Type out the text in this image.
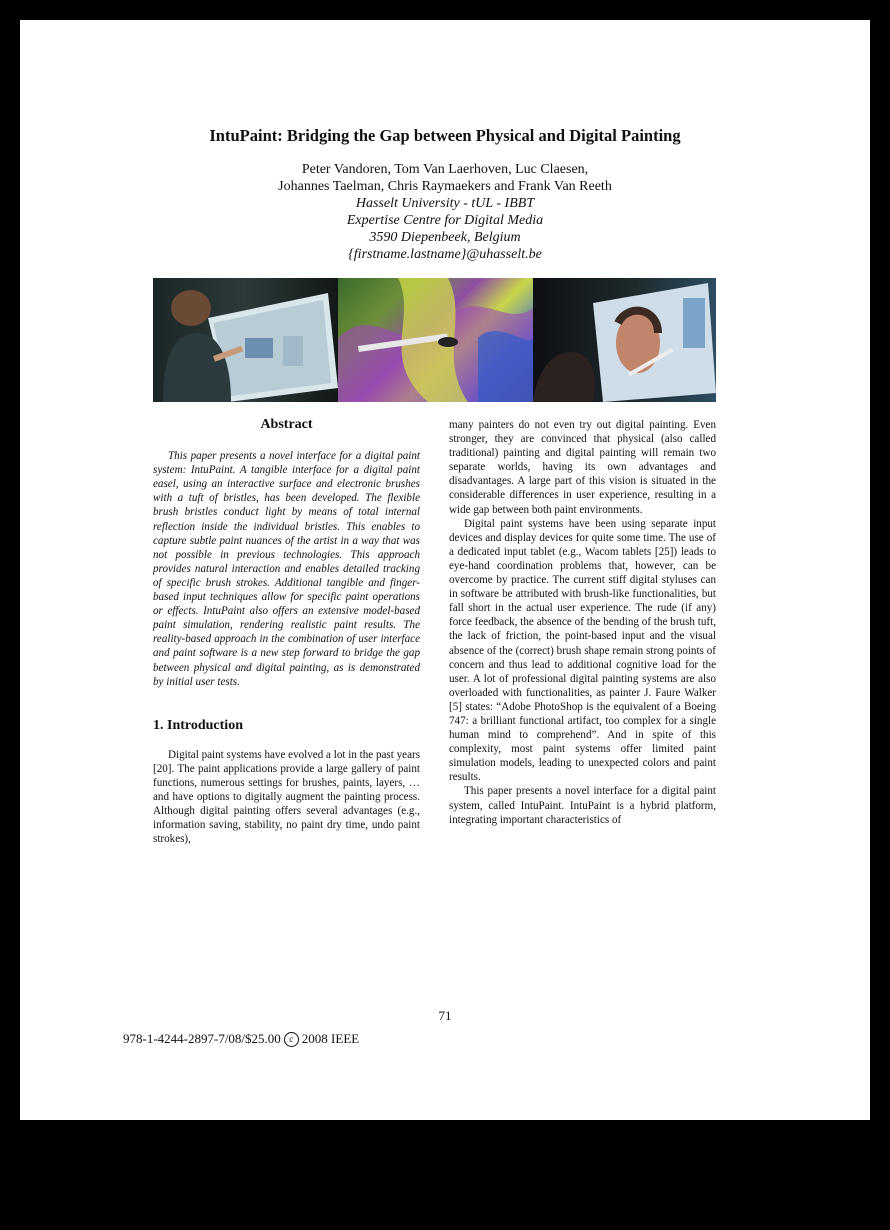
IntuPaint: Bridging the Gap between Physical and Digital Painting
Peter Vandoren, Tom Van Laerhoven, Luc Claesen,
Johannes Taelman, Chris Raymaekers and Frank Van Reeth
Hasselt University - tUL - IBBT
Expertise Centre for Digital Media
3590 Diepenbeek, Belgium
{firstname.lastname}@uhasselt.be
Abstract

This paper presents a novel interface for a digital paint system: IntuPaint. A tangible interface for a digital paint easel, using an interactive surface and electronic brushes with a tuft of bristles, has been developed. The flexible brush bristles conduct light by means of total internal reflection inside the individual bristles. This enables to capture subtle paint nuances of the artist in a way that was not possible in previous technologies. This approach provides natural interaction and enables detailed tracking of specific brush strokes. Additional tangible and finger-based input techniques allow for specific paint operations or effects. IntuPaint also offers an extensive model-based paint simulation, rendering realistic paint results. The reality-based approach in the combination of user interface and paint software is a new step forward to bridge the gap between physical and digital painting, as is demonstrated by initial user tests.

1. Introduction

Digital paint systems have evolved a lot in the past years [20]. The paint applications provide a large gallery of paint functions, numerous settings for brushes, paints, layers, … and have options to digitally augment the painting process. Although digital painting offers several advantages (e.g., information saving, stability, no paint dry time, undo paint strokes),

many painters do not even try out digital painting. Even stronger, they are convinced that physical (also called traditional) painting and digital painting will remain two separate worlds, having its own advantages and disadvantages. A large part of this vision is situated in the considerable differences in user experience, resulting in a wide gap between both paint environments.

Digital paint systems have been using separate input devices and display devices for quite some time. The use of a dedicated input tablet (e.g., Wacom tablets [25]) leads to eye-hand coordination problems that, however, can be overcome by practice. The current stiff digital styluses can in software be attributed with brush-like functionalities, but fall short in the actual user experience. The rude (if any) force feedback, the absence of the bending of the brush tuft, the lack of friction, the point-based input and the visual absence of the (correct) brush shape remain strong points of concern and thus lead to additional cognitive load for the user. A lot of professional digital painting systems are also overloaded with functionalities, as painter J. Faure Walker [5] states: “Adobe PhotoShop is the equivalent of a Boeing 747: a brilliant functional artifact, too complex for a single human mind to comprehend”. And in spite of this complexity, most paint systems offer limited paint simulation models, leading to unexpected colors and paint results.

This paper presents a novel interface for a digital paint system, called IntuPaint. IntuPaint is a hybrid platform, integrating important characteristics of

71
978-1-4244-2897-7/08/$25.00 c 2008 IEEE
